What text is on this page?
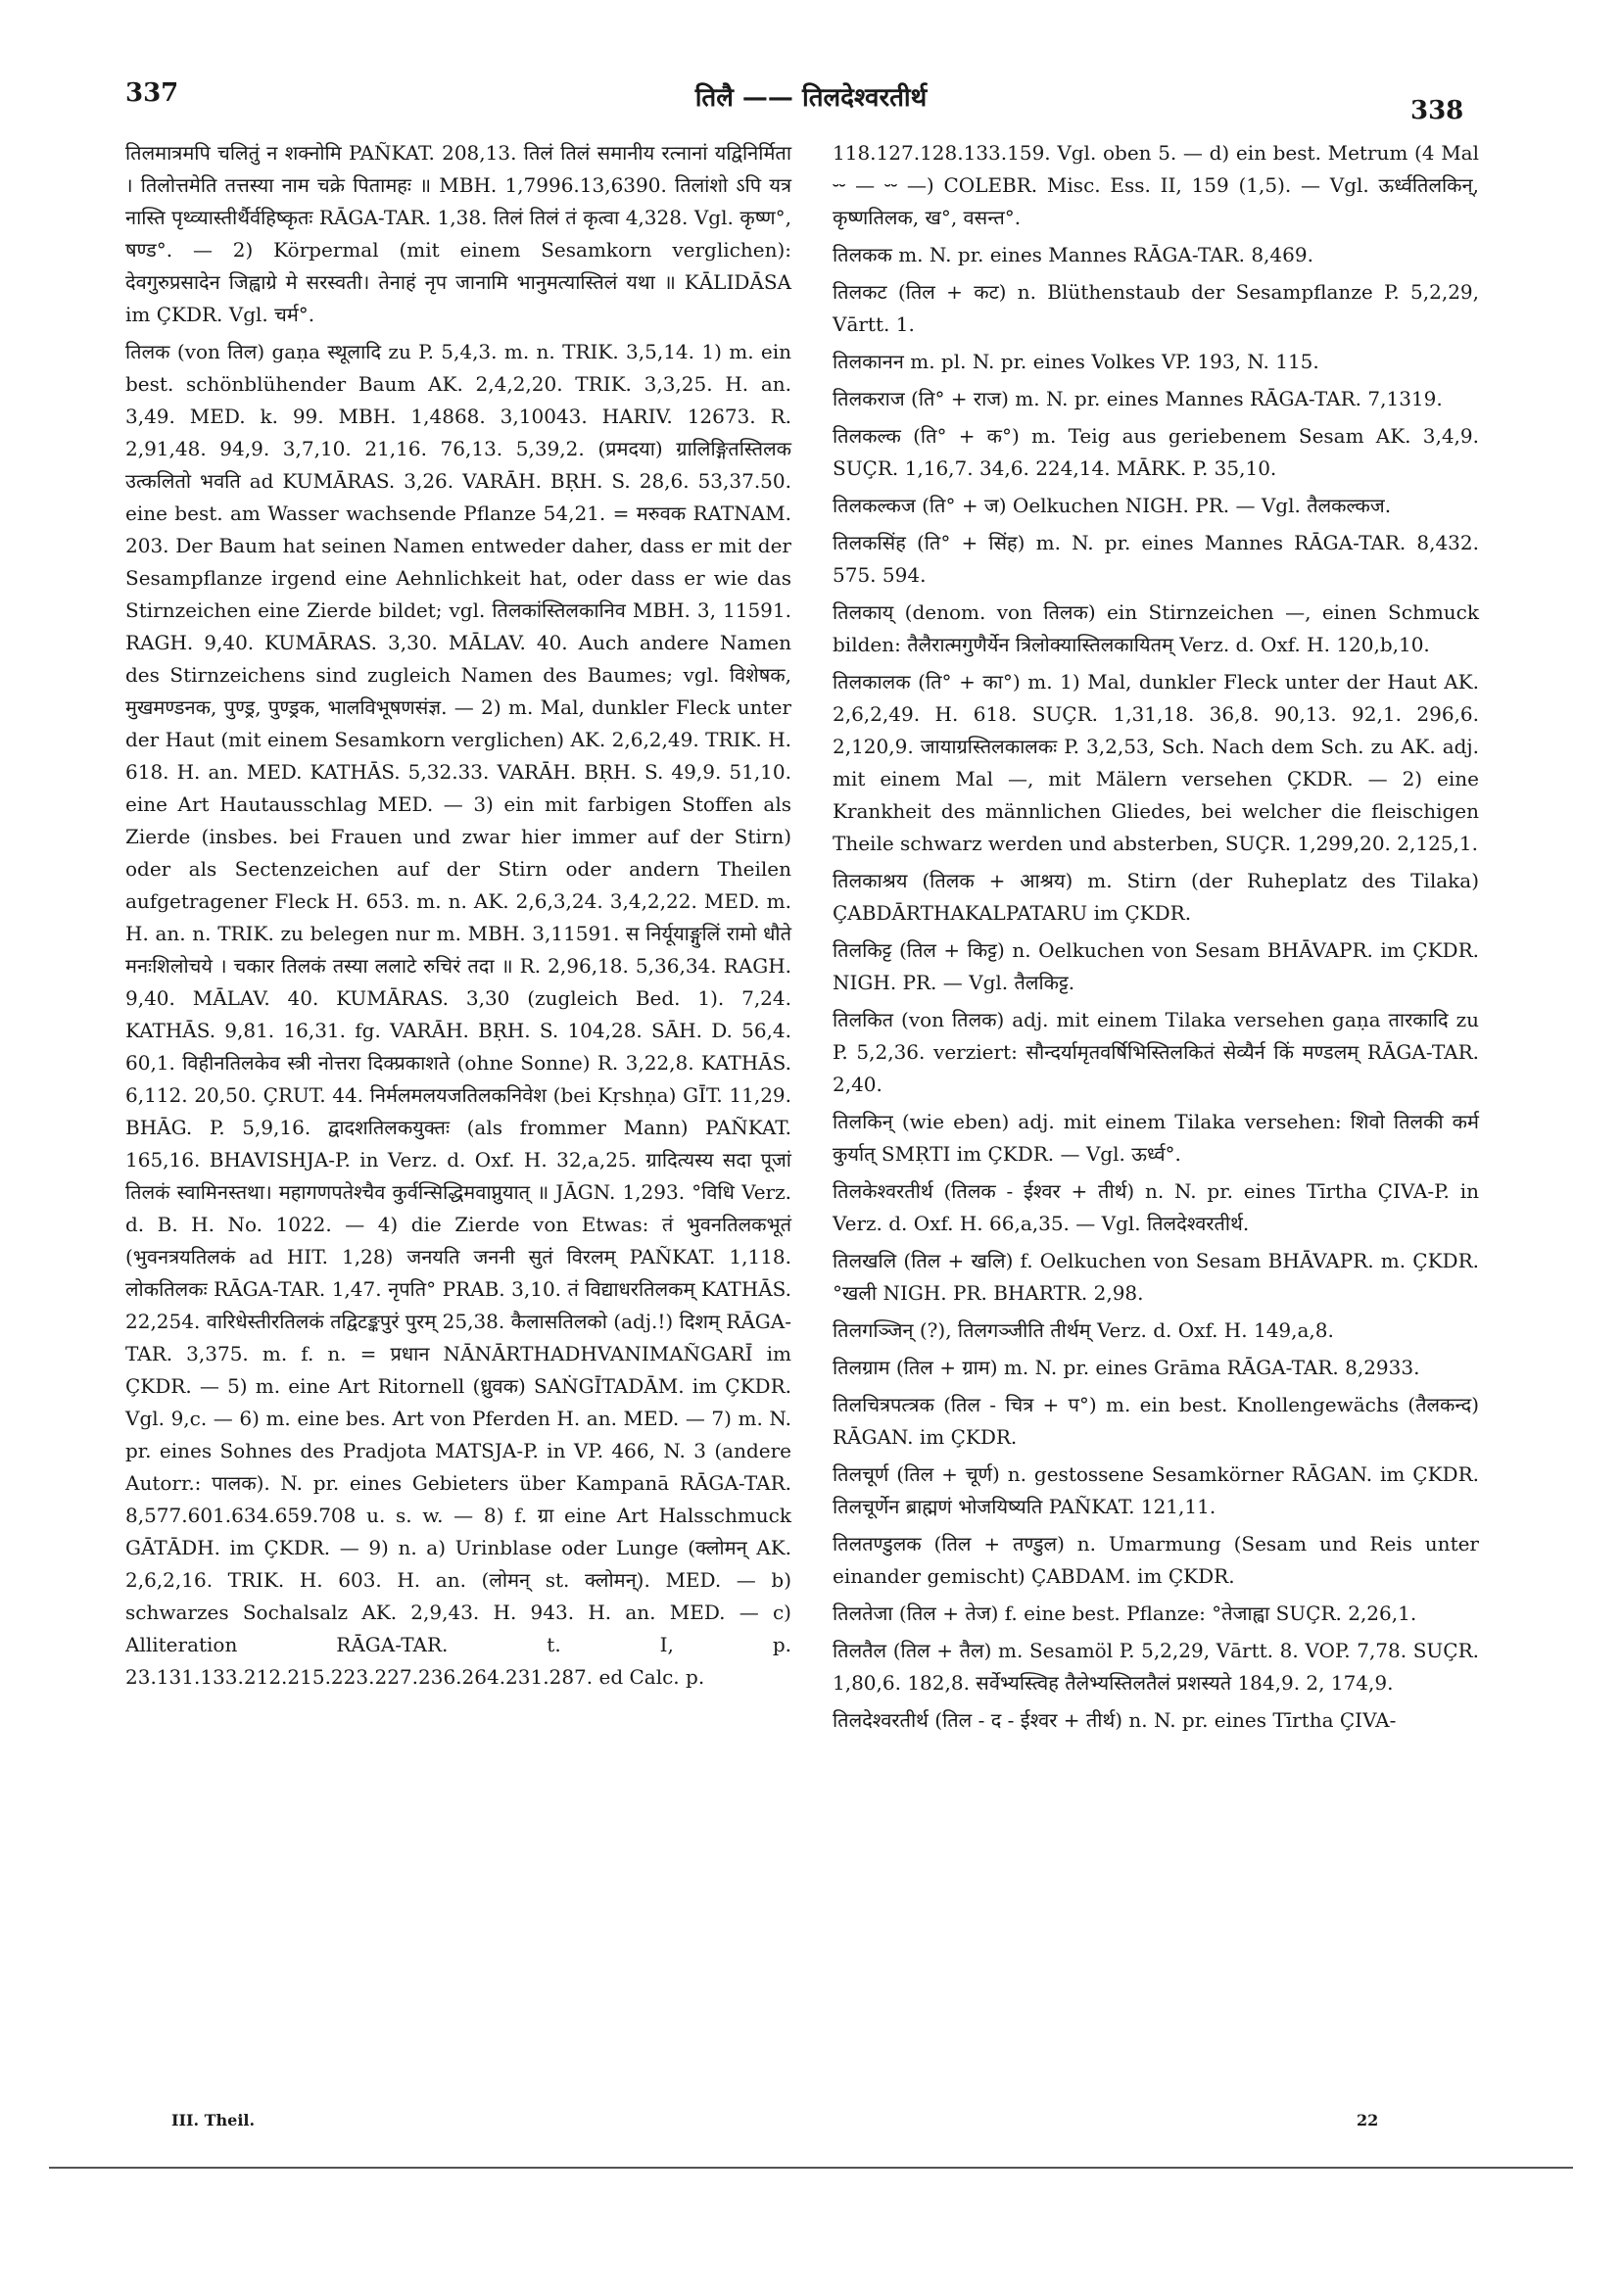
337	तिलै —— तिलदेश्वरतीर्थ	338

तिलमात्रमपि चलितुं न शक्नोमि PAÑKAT. 208,13. तिलं तिलं समानीय रत्नानां यद्विनिर्मिता । तिलोत्तमेति तत्तस्या नाम चक्रे पितामहः ॥ MBH. 1,7996.13,6390. तिलांशो ऽपि यत्र नास्ति पृथ्व्यास्तीर्थैर्वहिष्कृतः RĀGA-TAR. 1,38. तिलं तिलं तं कृत्वा 4,328. Vgl. कृष्ण°, षण्ड°. — 2) Körpermal (mit einem Sesamkorn verglichen): देवगुरुप्रसादेन जिह्वाग्रे मे सरस्वती। तेनाहं नृप जानामि भानुमत्यास्तिलं यथा ॥ KĀLIDĀSA im ÇKDR. Vgl. चर्म°.

तिलक (von तिल) gaṇa स्थूलादि zu P. 5,4,3. m. n. TRIK. 3,5,14. 1) m. ein best. schönblühender Baum AK. 2,4,2,20. TRIK. 3,3,25. H. an. 3,49. MED. k. 99. MBH. 1,4868. 3,10043. HARIV. 12673. R. 2,91,48. 94,9. 3,7,10. 21,16. 76,13. 5,39,2. (प्रमदया) ग्रालिङ्गितस्तिलक उत्कलितो भवति ad KUMĀRAS. 3,26. VARĀH. BṚH. S. 28,6. 53,37.50. eine best. am Wasser wachsende Pflanze 54,21. = मरुवक RATNAM. 203. Der Baum hat seinen Namen entweder daher, dass er mit der Sesampflanze irgend eine Aehnlichkeit hat, oder dass er wie das Stirnzeichen eine Zierde bildet; vgl. तिलकांस्तिलकानिव MBH. 3, 11591. RAGH. 9,40. KUMĀRAS. 3,30. MĀLAV. 40. Auch andere Namen des Stirnzeichens sind zugleich Namen des Baumes; vgl. विशेषक, मुखमण्डनक, पुण्ड्र, पुण्ड्रक, भालविभूषणसंज्ञ. — 2) m. Mal, dunkler Fleck unter der Haut (mit einem Sesamkorn verglichen) AK. 2,6,2,49. TRIK. H. 618. H. an. MED. KATHĀS. 5,32.33. VARĀH. BṚH. S. 49,9. 51,10. eine Art Hautausschlag MED. — 3) ein mit farbigen Stoffen als Zierde (insbes. bei Frauen und zwar hier immer auf der Stirn) oder als Sectenzeichen auf der Stirn oder andern Theilen aufgetragener Fleck H. 653. m. n. AK. 2,6,3,24. 3,4,2,22. MED. m. H. an. n. TRIK. zu belegen nur m. MBH. 3,11591. स निर्यूयाङ्गुलिं रामो धौते मनःशिलोचये । चकार तिलकं तस्या ललाटे रुचिरं तदा ॥ R. 2,96,18. 5,36,34. RAGH. 9,40. MĀLAV. 40. KUMĀRAS. 3,30 (zugleich Bed. 1). 7,24. KATHĀS. 9,81. 16,31. fg. VARĀH. BṚH. S. 104,28. SĀH. D. 56,4. 60,1. विहीनतिलकेव स्त्री नोत्तरा दिक्प्रकाशते (ohne Sonne) R. 3,22,8. KATHĀS. 6,112. 20,50. ÇRUT. 44. निर्मलमलयजतिलकनिवेश (bei Kṛshṇa) GĪT. 11,29. BHĀG. P. 5,9,16. द्वादशतिलकयुक्तः (als frommer Mann) PAÑKAT. 165,16. BHAVISHJA-P. in Verz. d. Oxf. H. 32,a,25. ग्रादित्यस्य सदा पूजां तिलकं स्वामिनस्तथा। महागणपतेश्चैव कुर्वन्सिद्धिमवाप्नुयात् ॥ JĀGN. 1,293. °विधि Verz. d. B. H. No. 1022. — 4) die Zierde von Etwas: तं भुवनतिलकभूतं (भुवनत्रयतिलकं ad HIT. 1,28) जनयति जननी सुतं विरलम् PAÑKAT. 1,118. लोकतिलकः RĀGA-TAR. 1,47. नृपति° PRAB. 3,10. तं विद्याधरतिलकम् KATHĀS. 22,254. वारिधेस्तीरतिलकं तद्विटङ्कपुरं पुरम् 25,38. कैलासतिलको (adj.!) दिशम् RĀGA-TAR. 3,375. m. f. n. = प्रधान NĀNĀRTHADHVANIMAÑGARĪ im ÇKDR. — 5) m. eine Art Ritornell (ध्रुवक) SAṄGĪTADĀM. im ÇKDR. Vgl. 9,c. — 6) m. eine bes. Art von Pferden H. an. MED. — 7) m. N. pr. eines Sohnes des Pradjota MATSJA-P. in VP. 466, N. 3 (andere Autorr.: पालक). N. pr. eines Gebieters über Kampanā RĀGA-TAR. 8,577.601.634.659.708 u. s. w. — 8) f. ग्रा eine Art Halsschmuck GĀTĀDH. im ÇKDR. — 9) n. a) Urinblase oder Lunge (क्लोमन् AK. 2,6,2,16. TRIK. H. 603. H. an. (लोमन् st. क्लोमन्). MED. — b) schwarzes Sochalsalz AK. 2,9,43. H. 943. H. an. MED. — c) Alliteration RĀGA-TAR. t. I, p. 23.131.133.212.215.223.227.236.264.231.287. ed Calc. p.

118.127.128.133.159. Vgl. oben 5. — d) ein best. Metrum (4 Mal ⏑⏑ — ⏑⏑ —) COLEBR. Misc. Ess. II, 159 (1,5). — Vgl. ऊर्ध्वतिलकिन्, कृष्णतिलक, ख°, वसन्त°.

तिलकक m. N. pr. eines Mannes RĀGA-TAR. 8,469.

तिलकट (तिल + कट) n. Blüthenstaub der Sesampflanze P. 5,2,29, Vārtt. 1.

तिलकानन m. pl. N. pr. eines Volkes VP. 193, N. 115.

तिलकराज (ति° + राज) m. N. pr. eines Mannes RĀGA-TAR. 7,1319.

तिलकल्क (ति° + क°) m. Teig aus geriebenem Sesam AK. 3,4,9. SUÇR. 1,16,7. 34,6. 224,14. MĀRK. P. 35,10.

तिलकल्कज (ति° + ज) Oelkuchen NIGH. PR. — Vgl. तैलकल्कज.

तिलकसिंह (ति° + सिंह) m. N. pr. eines Mannes RĀGA-TAR. 8,432. 575. 594.

तिलकाय् (denom. von तिलक) ein Stirnzeichen —, einen Schmuck bilden: तैलैरात्मगुणैर्येन त्रिलोक्यास्तिलकायितम् Verz. d. Oxf. H. 120,b,10.

तिलकालक (ति° + का°) m. 1) Mal, dunkler Fleck unter der Haut AK. 2,6,2,49. H. 618. SUÇR. 1,31,18. 36,8. 90,13. 92,1. 296,6. 2,120,9. जायाग्रस्तिलकालकः P. 3,2,53, Sch. Nach dem Sch. zu AK. adj. mit einem Mal —, mit Mälern versehen ÇKDR. — 2) eine Krankheit des männlichen Gliedes, bei welcher die fleischigen Theile schwarz werden und absterben, SUÇR. 1,299,20. 2,125,1.

तिलकाश्रय (तिलक + आश्रय) m. Stirn (der Ruheplatz des Tilaka) ÇABDĀRTHAKALPATARU im ÇKDR.

तिलकिट्ट (तिल + किट्ट) n. Oelkuchen von Sesam BHĀVAPR. im ÇKDR. NIGH. PR. — Vgl. तैलकिट्ट.

तिलकित (von तिलक) adj. mit einem Tilaka versehen gaṇa तारकादि zu P. 5,2,36. verziert: सौन्दर्यामृतवर्षिभिस्तिलकितं सेव्यैर्न किं मण्डलम् RĀGA-TAR. 2,40.

तिलकिन् (wie eben) adj. mit einem Tilaka versehen: शिवो तिलकी कर्म कुर्यात् SMṚTI im ÇKDR. — Vgl. ऊर्ध्व°.

तिलकेश्वरतीर्थ (तिलक - ईश्वर + तीर्थ) n. N. pr. eines Tīrtha ÇIVA-P. in Verz. d. Oxf. H. 66,a,35. — Vgl. तिलदेश्वरतीर्थ.

तिलखलि (तिल + खलि) f. Oelkuchen von Sesam BHĀVAPR. m. ÇKDR. °खली NIGH. PR. BHARTR. 2,98.

तिलगञ्जिन् (?), तिलगञ्जीति तीर्थम् Verz. d. Oxf. H. 149,a,8.

तिलग्राम (तिल + ग्राम) m. N. pr. eines Grāma RĀGA-TAR. 8,2933.

तिलचित्रपत्त्रक (तिल - चित्र + प°) m. ein best. Knollengewächs (तैलकन्द) RĀGAN. im ÇKDR.

तिलचूर्ण (तिल + चूर्ण) n. gestossene Sesamkörner RĀGAN. im ÇKDR. तिलचूर्णेन ब्राह्मणं भोजयिष्यति PAÑKAT. 121,11.

तिलतण्डुलक (तिल + तण्डुल) n. Umarmung (Sesam und Reis unter einander gemischt) ÇABDAM. im ÇKDR.

तिलतेजा (तिल + तेज) f. eine best. Pflanze: °तेजाह्वा SUÇR. 2,26,1.

तिलतैल (तिल + तैल) m. Sesamöl P. 5,2,29, Vārtt. 8. VOP. 7,78. SUÇR. 1,80,6. 182,8. सर्वेभ्यस्त्विह तैलेभ्यस्तिलतैलं प्रशस्यते 184,9. 2, 174,9.

तिलदेश्वरतीर्थ (तिल - द - ईश्वर + तीर्थ) n. N. pr. eines Tīrtha ÇIVA-

III. Theil.	22
